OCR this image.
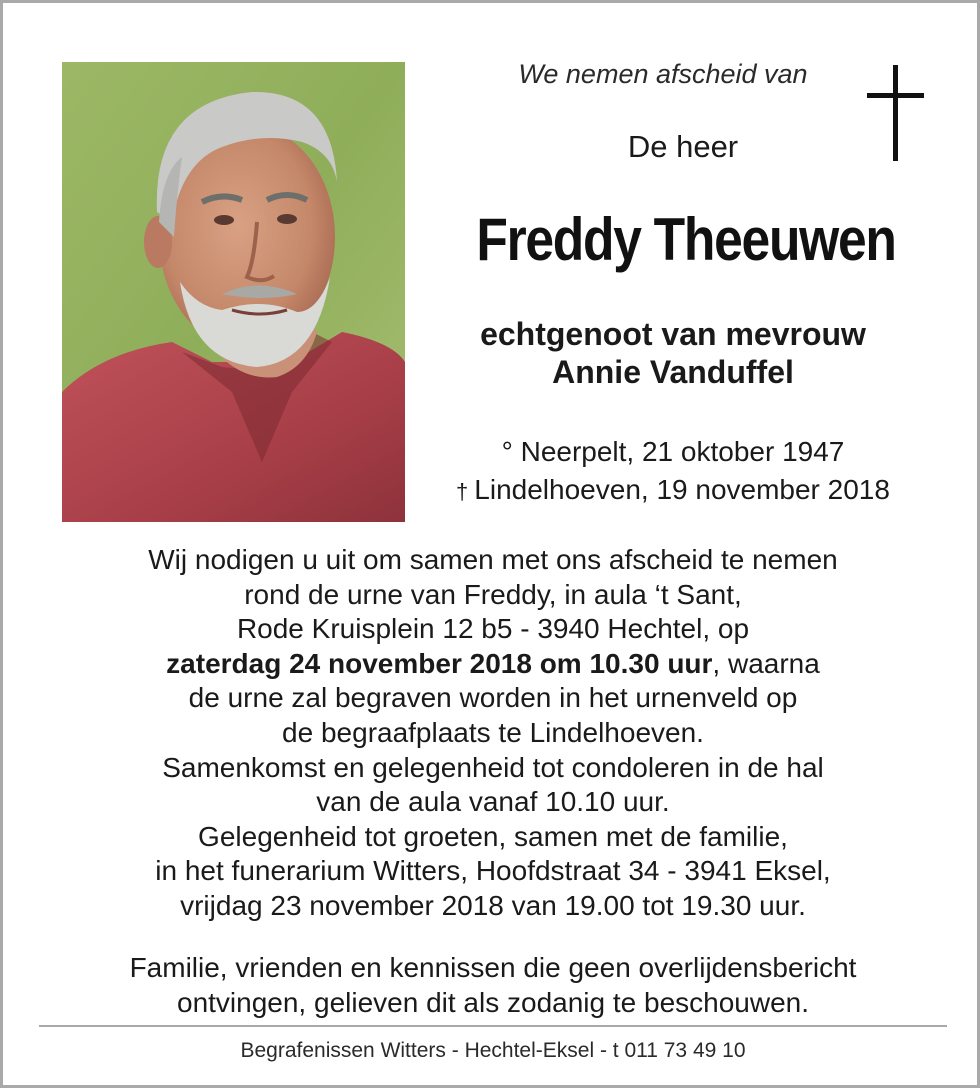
We nemen afscheid van
De heer
Freddy Theeuwen
echtgenoot van mevrouw
Annie Vanduffel
° Neerpelt, 21 oktober 1947
† Lindelhoeven, 19 november 2018
Wij nodigen u uit om samen met ons afscheid te nemen
rond de urne van Freddy, in aula ‘t Sant,
Rode Kruisplein 12 b5 - 3940 Hechtel, op
zaterdag 24 november 2018 om 10.30 uur, waarna
de urne zal begraven worden in het urnenveld op
de begraafplaats te Lindelhoeven.
Samenkomst en gelegenheid tot condoleren in de hal
van de aula vanaf 10.10 uur.
Gelegenheid tot groeten, samen met de familie,
in het funerarium Witters, Hoofdstraat 34 - 3941 Eksel,
vrijdag 23 november 2018 van 19.00 tot 19.30 uur.
Familie, vrienden en kennissen die geen overlijdensbericht
ontvingen, gelieven dit als zodanig te beschouwen.
Begrafenissen Witters - Hechtel-Eksel - t 011 73 49 10
